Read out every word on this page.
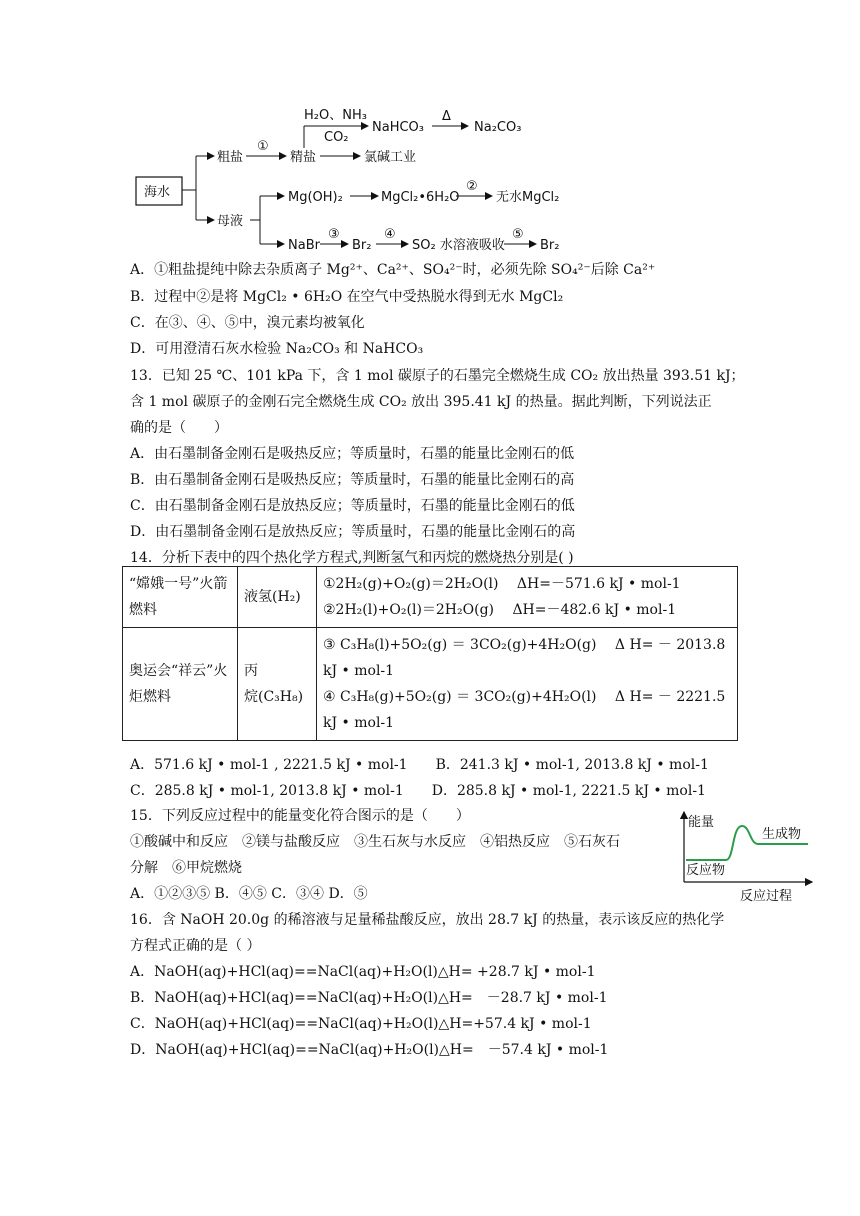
海水
粗盐
母液
①
精盐
H₂O、NH₃
CO₂
NaHCO₃
Δ
Na₂CO₃
氯碱工业
Mg(OH)₂	MgCl₂•6H₂O
②
无水MgCl₂
NaBr
③
Br₂
④
SO₂ 水溶液吸收
⑤
Br₂
A．①粗盐提纯中除去杂质离子 Mg²⁺、Ca²⁺、SO₄²⁻时，必须先除 SO₄²⁻后除 Ca²⁺
B．过程中②是将 MgCl₂ • 6H₂O 在空气中受热脱水得到无水 MgCl₂
C．在③、④、⑤中，溴元素均被氧化
D．可用澄清石灰水检验 Na₂CO₃ 和 NaHCO₃
13．已知 25 ℃、101 kPa 下，含 1 mol 碳原子的石墨完全燃烧生成 CO₂ 放出热量 393.51 kJ；
含 1 mol 碳原子的金刚石完全燃烧生成 CO₂ 放出 395.41 kJ 的热量。据此判断，下列说法正
确的是（　　）
A．由石墨制备金刚石是吸热反应；等质量时，石墨的能量比金刚石的低
B．由石墨制备金刚石是吸热反应；等质量时，石墨的能量比金刚石的高
C．由石墨制备金刚石是放热反应；等质量时，石墨的能量比金刚石的低
D．由石墨制备金刚石是放热反应；等质量时，石墨的能量比金刚石的高
14．分析下表中的四个热化学方程式,判断氢气和丙烷的燃烧热分别是( )
“嫦娥一号”火箭燃料	液氢(H₂)	①2H₂(g)+O₂(g)＝2H₂O(l)　 ΔH=－571.6 kJ • mol-1
②2H₂(l)+O₂(l)＝2H₂O(g)　 ΔH=－482.6 kJ • mol-1

奥运会“祥云”火炬燃料	丙　　　烷(C₃H₈)	③ C₃H₈(l)+5O₂(g) ＝ 3CO₂(g)+4H₂O(g)　 Δ H= － 2013.8 kJ • mol-1
④ C₃H₈(g)+5O₂(g) ＝ 3CO₂(g)+4H₂O(l)　 Δ H= － 2221.5 kJ • mol-1
A．571.6 kJ • mol-1 , 2221.5 kJ • mol-1　　B．241.3 kJ • mol-1, 2013.8 kJ • mol-1
C．285.8 kJ • mol-1, 2013.8 kJ • mol-1　　D．285.8 kJ • mol-1, 2221.5 kJ • mol-1
15．下列反应过程中的能量变化符合图示的是（　　）
①酸碱中和反应　②镁与盐酸反应　③生石灰与水反应　④铝热反应　⑤石灰石
分解　⑥甲烷燃烧
A．①②③⑤ B．④⑤ C．③④ D．⑤
能量
反应物
生成物
反应过程
16．含 NaOH 20.0g 的稀溶液与足量稀盐酸反应，放出 28.7 kJ 的热量，表示该反应的热化学
方程式正确的是（ ）
A．NaOH(aq)+HCl(aq)==NaCl(aq)+H₂O(l)△H= +28.7 kJ • mol-1
B．NaOH(aq)+HCl(aq)==NaCl(aq)+H₂O(l)△H=　－28.7 kJ • mol-1
C．NaOH(aq)+HCl(aq)==NaCl(aq)+H₂O(l)△H=+57.4 kJ • mol-1
D．NaOH(aq)+HCl(aq)==NaCl(aq)+H₂O(l)△H=　－57.4 kJ • mol-1
